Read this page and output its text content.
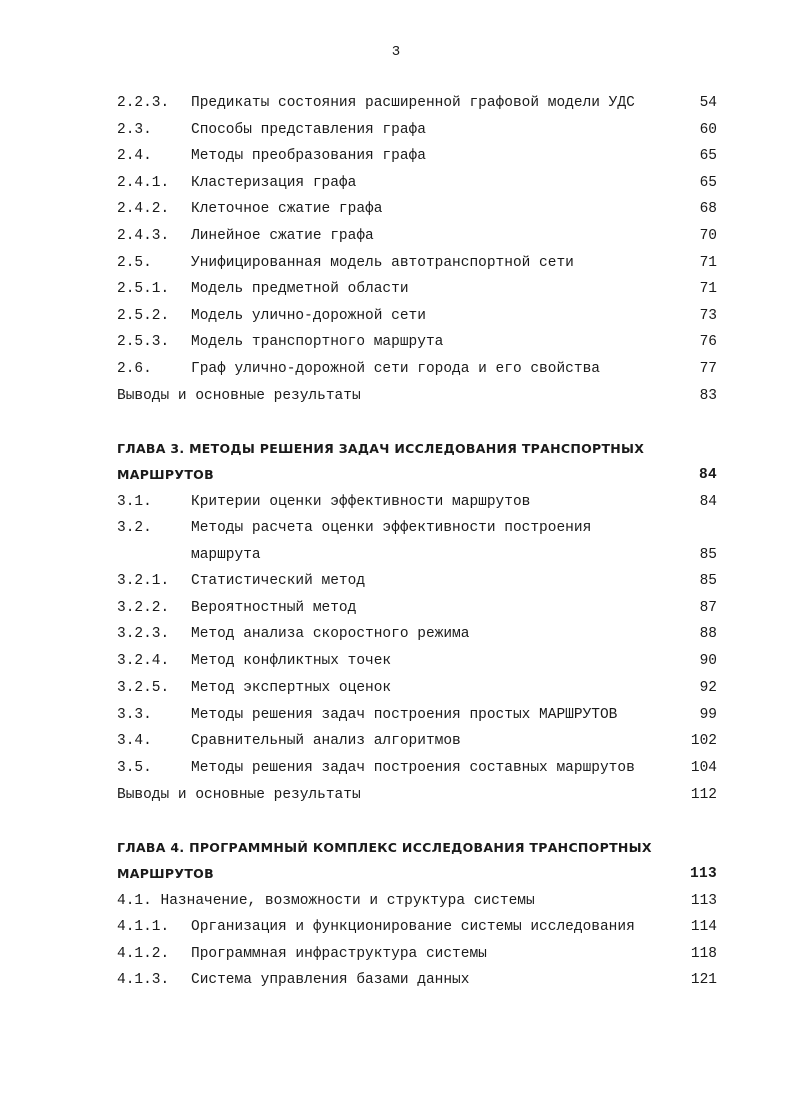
3
2.2.3. Предикаты состояния расширенной графовой модели УДС	54
2.3.	Способы представления графа	60
2.4.	Методы преобразования графа	65
2.4.1. Кластеризация графа	65
2.4.2. Клеточное сжатие графа	68
2.4.3. Линейное сжатие графа	70
2.5.	Унифицированная модель автотранспортной сети	71
2.5.1. Модель предметной области	71
2.5.2. Модель улично-дорожной сети	73
2.5.3. Модель транспортного маршрута	76
2.6.	Граф улично-дорожной сети города и его свойства	77
Выводы и основные результаты	83
ГЛАВА 3. МЕТОДЫ РЕШЕНИЯ ЗАДАЧ ИССЛЕДОВАНИЯ ТРАНСПОРТНЫХ
МАРШРУТОВ	84
3.1.	Критерии оценки эффективности маршрутов	84
3.2.	Методы расчета оценки эффективности построения
маршрута	85
3.2.1. Статистический метод	85
3.2.2. Вероятностный метод	87
3.2.3. Метод анализа скоростного режима	88
3.2.4. Метод конфликтных точек	90
3.2.5. Метод экспертных оценок	92
3.3.	Методы решения задач построения простых МАРШРУТОВ	99
3.4.	Сравнительный анализ алгоритмов	102
3.5.	Методы решения задач построения составных маршрутов	104
Выводы и основные результаты	112
ГЛАВА 4. ПРОГРАММНЫЙ КОМПЛЕКС ИССЛЕДОВАНИЯ ТРАНСПОРТНЫХ
МАРШРУТОВ	113
4.1. Назначение, возможности и структура системы	113
4.1.1. Организация и функционирование системы исследования	114
4.1.2. Программная инфраструктура системы	118
4.1.3. Система управления базами данных	121
